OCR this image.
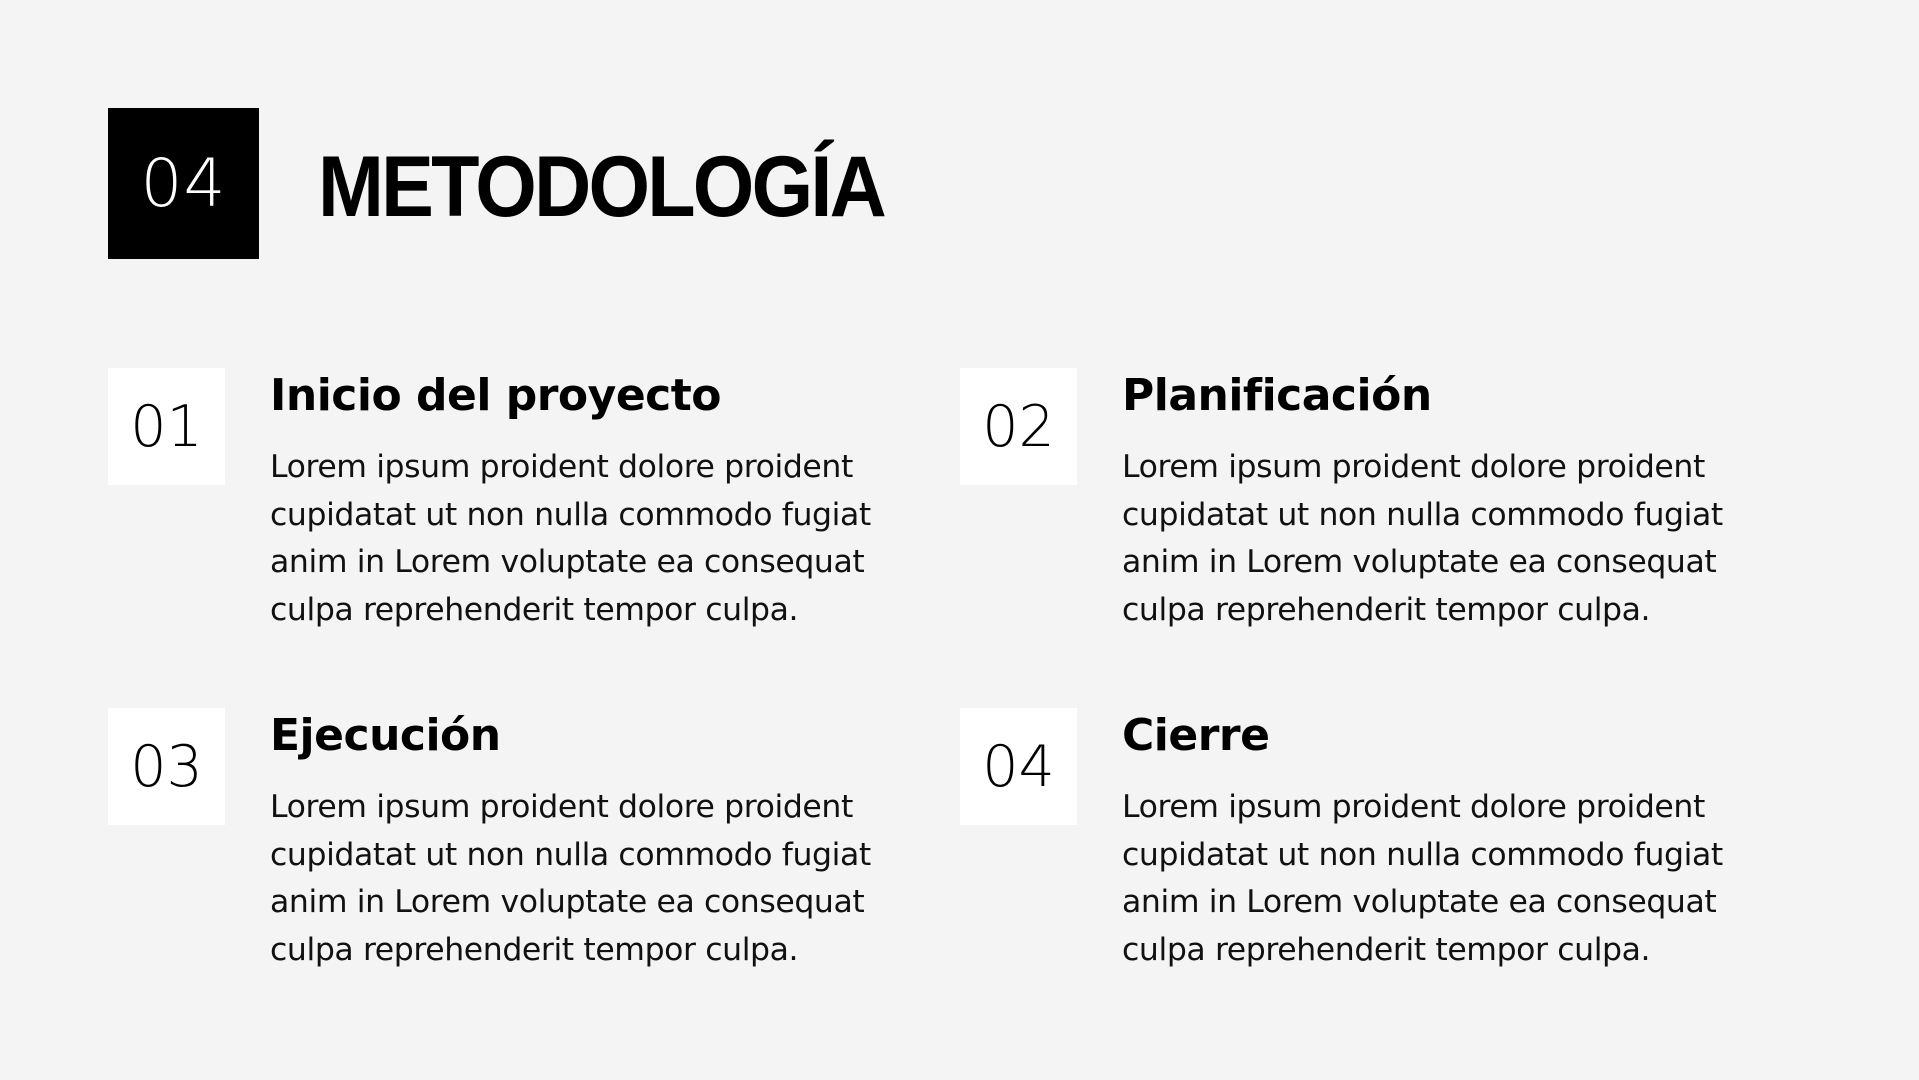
04 METODOLOGÍA
01 Inicio del proyecto

Lorem ipsum proident dolore proident cupidatat ut non nulla commodo fugiat anim in Lorem voluptate ea consequat culpa reprehenderit tempor culpa.

02 Planificación

Lorem ipsum proident dolore proident cupidatat ut non nulla commodo fugiat anim in Lorem voluptate ea consequat culpa reprehenderit tempor culpa.

03 Ejecución

Lorem ipsum proident dolore proident cupidatat ut non nulla commodo fugiat anim in Lorem voluptate ea consequat culpa reprehenderit tempor culpa.

04 Cierre

Lorem ipsum proident dolore proident cupidatat ut non nulla commodo fugiat anim in Lorem voluptate ea consequat culpa reprehenderit tempor culpa.
